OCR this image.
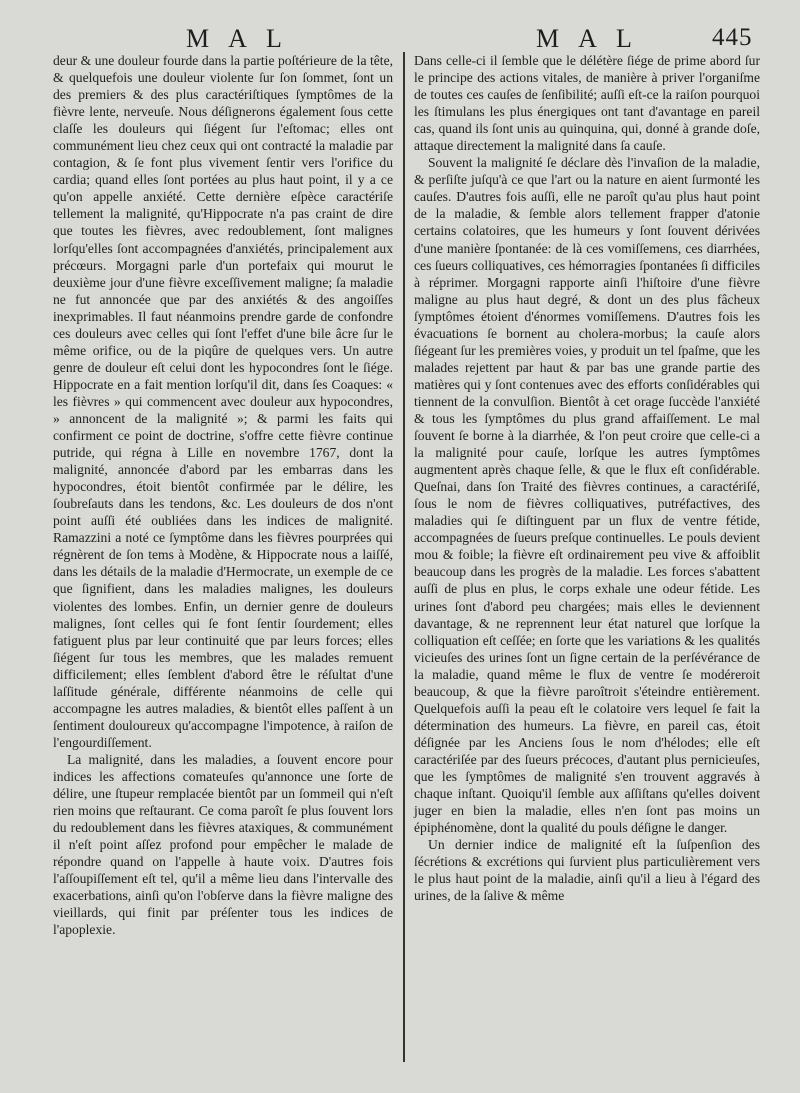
M A L	M A L	445

deur & une douleur fourde dans la partie poſtérieure de la tête, & quelquefois une douleur violente ſur ſon ſommet, ſont un des premiers & des plus caractériſtiques ſymptômes de la fièvre lente, nerveuſe. Nous déſignerons également ſous cette claſſe les douleurs qui ſiégent ſur l'eſtomac; elles ont communément lieu chez ceux qui ont contracté la maladie par contagion, & ſe font plus vivement ſentir vers l'orifice du cardia; quand elles ſont portées au plus haut point, il y a ce qu'on appelle anxiété. Cette dernière eſpèce caractériſe tellement la malignité, qu'Hippocrate n'a pas craint de dire que toutes les fièvres, avec redoublement, ſont malignes lorſqu'elles ſont accompagnées d'anxiétés, principalement aux précœurs. Morgagni parle d'un portefaix qui mourut le deuxième jour d'une fièvre exceſſivement maligne; ſa maladie ne fut annoncée que par des anxiétés & des angoiſſes inexprimables. Il faut néanmoins prendre garde de confondre ces douleurs avec celles qui ſont l'effet d'une bile âcre ſur le même orifice, ou de la piqûre de quelques vers. Un autre genre de douleur eſt celui dont les hypocondres ſont le ſiége. Hippocrate en a fait mention lorſqu'il dit, dans ſes Coaques: « les fièvres » qui commencent avec douleur aux hypocondres, » annoncent de la malignité »; & parmi les faits qui confirment ce point de doctrine, s'offre cette fièvre continue putride, qui régna à Lille en novembre 1767, dont la malignité, annoncée d'abord par les embarras dans les hypocondres, étoit bientôt confirmée par le délire, les ſoubreſauts dans les tendons, &c. Les douleurs de dos n'ont point auſſi été oubliées dans les indices de malignité. Ramazzini a noté ce ſymptôme dans les fièvres pourprées qui régnèrent de ſon tems à Modène, & Hippocrate nous a laiſſé, dans les détails de la maladie d'Hermocrate, un exemple de ce que ſignifient, dans les maladies malignes, les douleurs violentes des lombes. Enfin, un dernier genre de douleurs malignes, ſont celles qui ſe font ſentir ſourdement; elles fatiguent plus par leur continuité que par leurs forces; elles ſiégent ſur tous les membres, que les malades remuent difficilement; elles ſemblent d'abord être le réſultat d'une laſſitude générale, différente néanmoins de celle qui accompagne les autres maladies, & bientôt elles paſſent à un ſentiment douloureux qu'accompagne l'impotence, à raiſon de l'engourdiſſement.

La malignité, dans les maladies, a ſouvent encore pour indices les affections comateuſes qu'annonce une ſorte de délire, une ſtupeur remplacée bientôt par un ſommeil qui n'eſt rien moins que reſtaurant. Ce coma paroît ſe plus ſouvent lors du redoublement dans les fièvres ataxiques, & communément il n'eſt point aſſez profond pour empêcher le malade de répondre quand on l'appelle à haute voix. D'autres fois l'aſſoupiſſement eſt tel, qu'il a même lieu dans l'intervalle des exacerbations, ainſi qu'on l'obſerve dans la fièvre maligne des vieillards, qui finit par préſenter tous les indices de l'apoplexie.

Dans celle-ci il ſemble que le délétère ſiége de prime abord ſur le principe des actions vitales, de manière à priver l'organiſme de toutes ces cauſes de ſenſibilité; auſſi eſt-ce la raiſon pourquoi les ſtimulans les plus énergiques ont tant d'avantage en pareil cas, quand ils ſont unis au quinquina, qui, donné à grande doſe, attaque directement la malignité dans ſa cauſe.

Souvent la malignité ſe déclare dès l'invaſion de la maladie, & perſiſte juſqu'à ce que l'art ou la nature en aient ſurmonté les cauſes. D'autres fois auſſi, elle ne paroît qu'au plus haut point de la maladie, & ſemble alors tellement frapper d'atonie certains colatoires, que les humeurs y ſont ſouvent dérivées d'une manière ſpontanée: de là ces vomiſſemens, ces diarrhées, ces ſueurs colliquatives, ces hémorragies ſpontanées ſi difficiles à réprimer. Morgagni rapporte ainſi l'hiſtoire d'une fièvre maligne au plus haut degré, & dont un des plus fâcheux ſymptômes étoient d'énormes vomiſſemens. D'autres fois les évacuations ſe bornent au cholera-morbus; la cauſe alors ſiégeant ſur les premières voies, y produit un tel ſpaſme, que les malades rejettent par haut & par bas une grande partie des matières qui y ſont contenues avec des efforts conſidérables qui tiennent de la convulſion. Bientôt à cet orage ſuccède l'anxiété & tous les ſymptômes du plus grand affaiſſement. Le mal ſouvent ſe borne à la diarrhée, & l'on peut croire que celle-ci a la malignité pour cauſe, lorſque les autres ſymptômes augmentent après chaque ſelle, & que le flux eſt conſidérable. Queſnai, dans ſon Traité des fièvres continues, a caractériſé, ſous le nom de fièvres colliquatives, putréfactives, des maladies qui ſe diſtinguent par un flux de ventre fétide, accompagnées de ſueurs preſque continuelles. Le pouls devient mou & foible; la fièvre eſt ordinairement peu vive & affoiblit beaucoup dans les progrès de la maladie. Les forces s'abattent auſſi de plus en plus, le corps exhale une odeur fétide. Les urines ſont d'abord peu chargées; mais elles le deviennent davantage, & ne reprennent leur état naturel que lorſque la colliquation eſt ceſſée; en ſorte que les variations & les qualités vicieuſes des urines ſont un ſigne certain de la perſévérance de la maladie, quand même le flux de ventre ſe modéreroit beaucoup, & que la fièvre paroîtroit s'éteindre entièrement. Quelquefois auſſi la peau eſt le colatoire vers lequel ſe fait la détermination des humeurs. La fièvre, en pareil cas, étoit déſignée par les Anciens ſous le nom d'hélodes; elle eſt caractériſée par des ſueurs précoces, d'autant plus pernicieuſes, que les ſymptômes de malignité s'en trouvent aggravés à chaque inſtant. Quoiqu'il ſemble aux aſſiſtans qu'elles doivent juger en bien la maladie, elles n'en ſont pas moins un épiphénomène, dont la qualité du pouls déſigne le danger.

Un dernier indice de malignité eſt la ſuſpenſion des ſécrétions & excrétions qui ſurvient plus particulièrement vers le plus haut point de la maladie, ainſi qu'il a lieu à l'égard des urines, de la ſalive & même
